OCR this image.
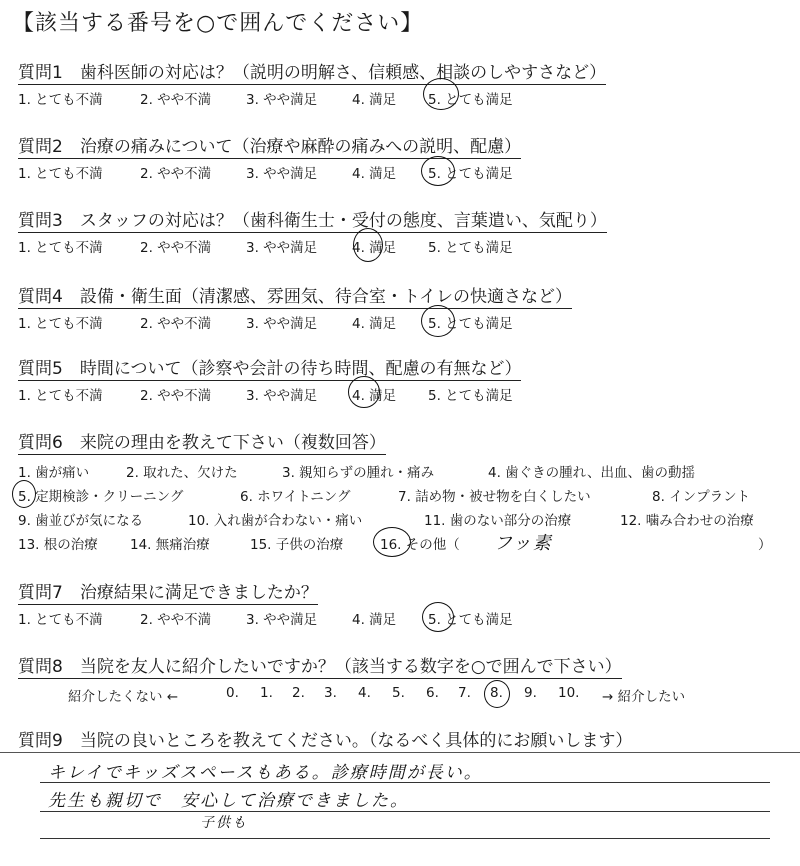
【該当する番号を○で囲んでください】
質問1　歯科医師の対応は？（説明の明解さ、信頼感、相談のしやすさなど）
1. とても不満	2. やや不満	3. やや満足	4. 満足 5. とても満足
質問2　治療の痛みについて（治療や麻酔の痛みへの説明、配慮）
1. とても不満	2. やや不満	3. やや満足	4. 満足 5. とても満足
質問3　スタッフの対応は？（歯科衛生士・受付の態度、言葉遣い、気配り）
1. とても不満	2. やや不満	3. やや満足	4. 満足 5. とても満足
質問4　設備・衛生面（清潔感、雰囲気、待合室・トイレの快適さなど）
1. とても不満	2. やや不満	3. やや満足	4. 満足 5. とても満足
質問5　時間について（診察や会計の待ち時間、配慮の有無など）
1. とても不満	2. やや不満	3. やや満足	4. 満足 5. とても満足
質問6　来院の理由を教えて下さい（複数回答）
1. 歯が痛い	2. 取れた、欠けた	3. 親知らずの腫れ・痛み	4. 歯ぐきの腫れ、出血、歯の動揺
5. 定期検診・クリーニング	6. ホワイトニング	7. 詰め物・被せ物を白くしたい	8. インプラント
9. 歯並びが気になる	10. 入れ歯が合わない・痛い	11. 歯のない部分の治療	12. 噛み合わせの治療
13. 根の治療 14. 無痛治療	15. 子供の治療	16. その他（ フッ素	）
質問7　治療結果に満足できましたか？
1. とても不満	2. やや不満	3. やや満足	4. 満足 5. とても満足
質問8　当院を友人に紹介したいですか？（該当する数字を○で囲んで下さい）
紹介したくない ←	0. 1. 2. 3. 4. 5. 6. 7. 8. 9. 10. → 紹介したい
質問9　当院の良いところを教えてください。（なるべく具体的にお願いします）
キレイでキッズスペースもある。診療時間が長い。
先生も親切で　安心して治療できました。
子供も
